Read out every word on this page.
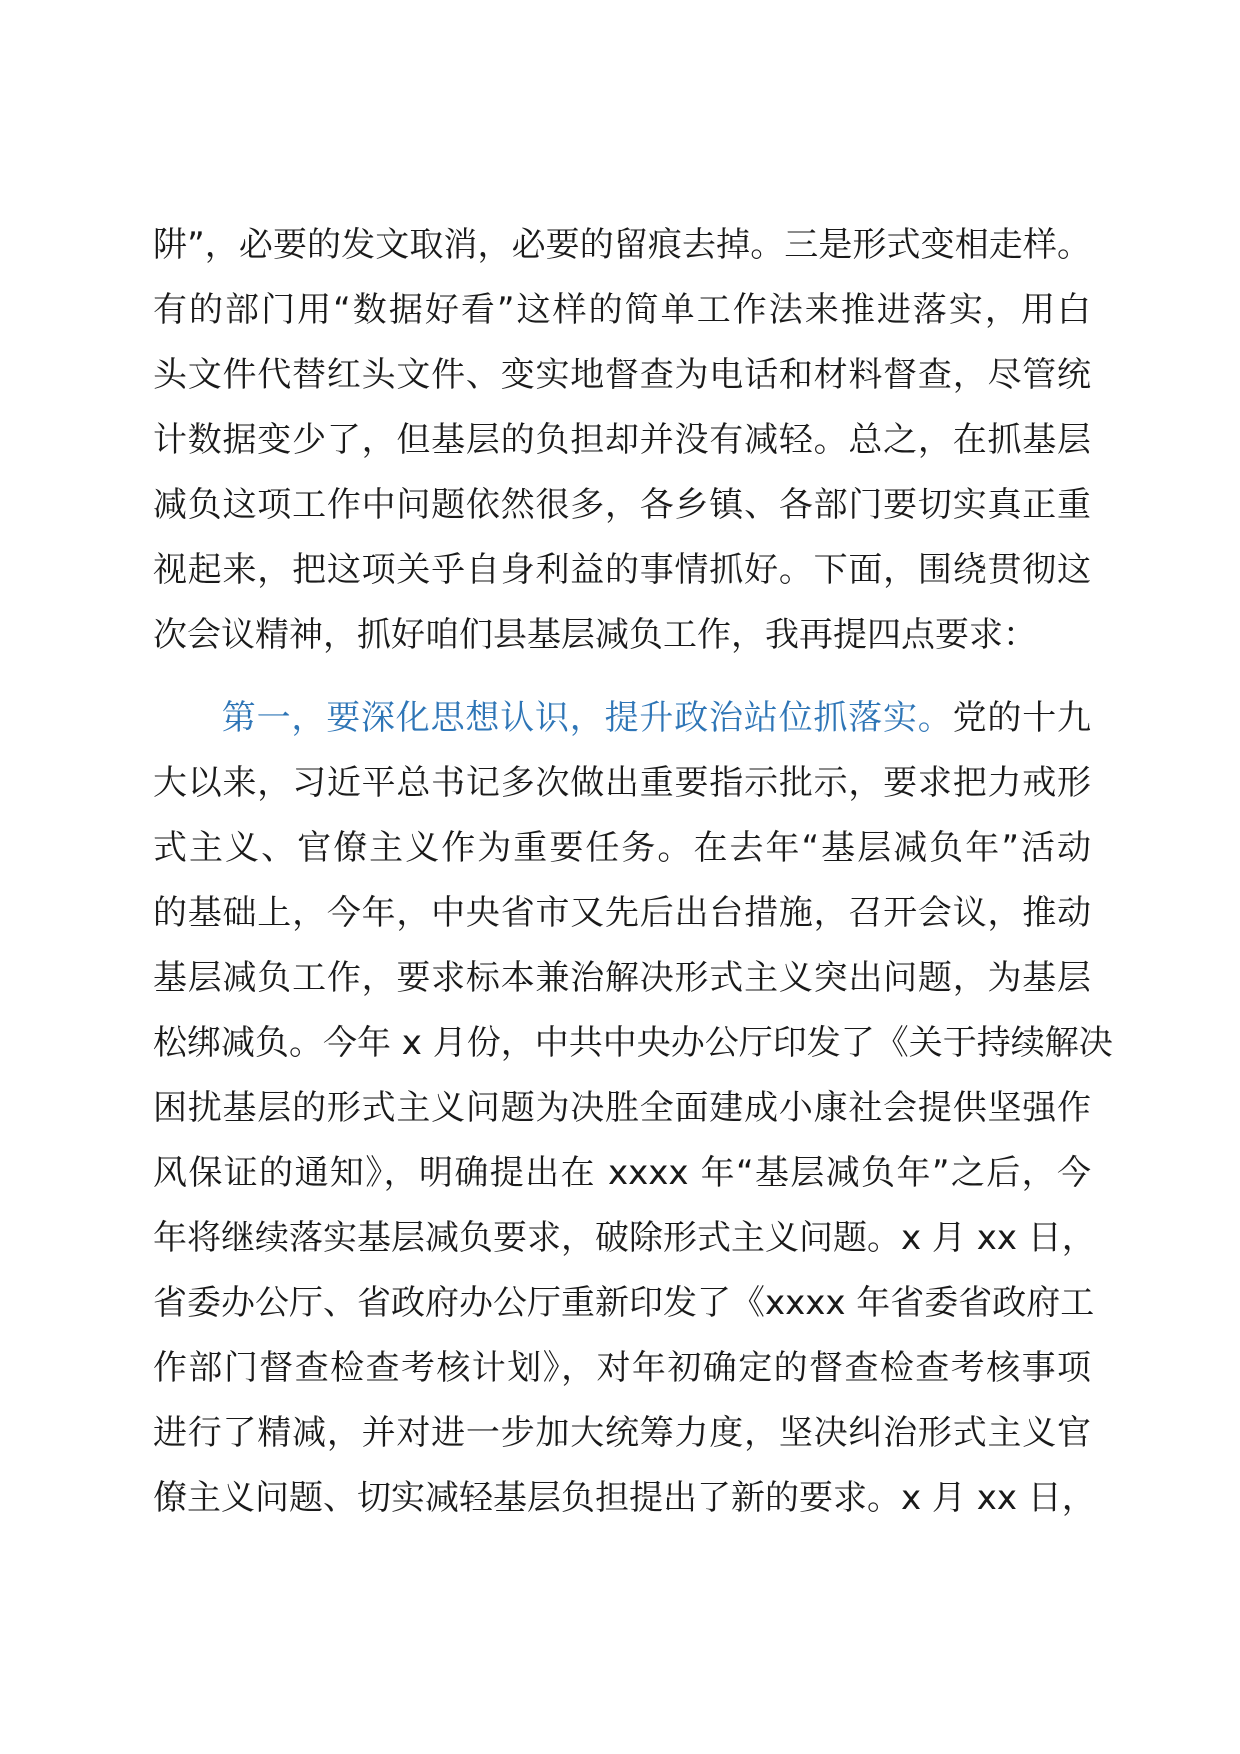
阱”，必要的发文取消，必要的留痕去掉。三是形式变相走样。
有的部门用“数据好看”这样的简单工作法来推进落实，用白
头文件代替红头文件、变实地督查为电话和材料督查，尽管统
计数据变少了，但基层的负担却并没有减轻。总之，在抓基层
减负这项工作中问题依然很多，各乡镇、各部门要切实真正重
视起来，把这项关乎自身利益的事情抓好。下面，围绕贯彻这
次会议精神，抓好咱们县基层减负工作，我再提四点要求：
第一，要深化思想认识，提升政治站位抓落实。党的十九
大以来，习近平总书记多次做出重要指示批示，要求把力戒形
式主义、官僚主义作为重要任务。在去年“基层减负年”活动
的基础上，今年，中央省市又先后出台措施，召开会议，推动
基层减负工作，要求标本兼治解决形式主义突出问题，为基层
松绑减负。今年 x 月份，中共中央办公厅印发了《关于持续解决
困扰基层的形式主义问题为决胜全面建成小康社会提供坚强作
风保证的通知》，明确提出在 xxxx 年“基层减负年”之后，今
年将继续落实基层减负要求，破除形式主义问题。x 月 xx 日，
省委办公厅、省政府办公厅重新印发了《xxxx 年省委省政府工
作部门督查检查考核计划》，对年初确定的督查检查考核事项
进行了精减，并对进一步加大统筹力度，坚决纠治形式主义官
僚主义问题、切实减轻基层负担提出了新的要求。x 月 xx 日，
